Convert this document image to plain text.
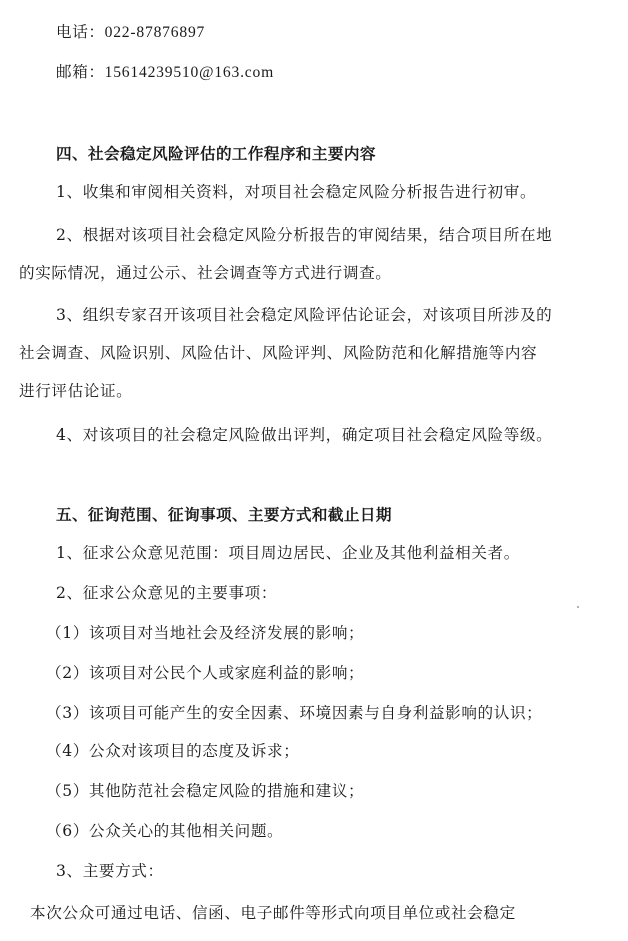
电话：022-87876897
邮箱：15614239510@163.com
四、社会稳定风险评估的工作程序和主要内容
1、收集和审阅相关资料，对项目社会稳定风险分析报告进行初审。
2、根据对该项目社会稳定风险分析报告的审阅结果，结合项目所在地
的实际情况，通过公示、社会调查等方式进行调查。
3、组织专家召开该项目社会稳定风险评估论证会，对该项目所涉及的
社会调查、风险识别、风险估计、风险评判、风险防范和化解措施等内容
进行评估论证。
4、对该项目的社会稳定风险做出评判，确定项目社会稳定风险等级。
五、征询范围、征询事项、主要方式和截止日期
1、征求公众意见范围：项目周边居民、企业及其他利益相关者。
2、征求公众意见的主要事项：
（1）该项目对当地社会及经济发展的影响；
（2）该项目对公民个人或家庭利益的影响；
（3）该项目可能产生的安全因素、环境因素与自身利益影响的认识；
（4）公众对该项目的态度及诉求；
（5）其他防范社会稳定风险的措施和建议；
（6）公众关心的其他相关问题。
3、主要方式：
本次公众可通过电话、信函、电子邮件等形式向项目单位或社会稳定
